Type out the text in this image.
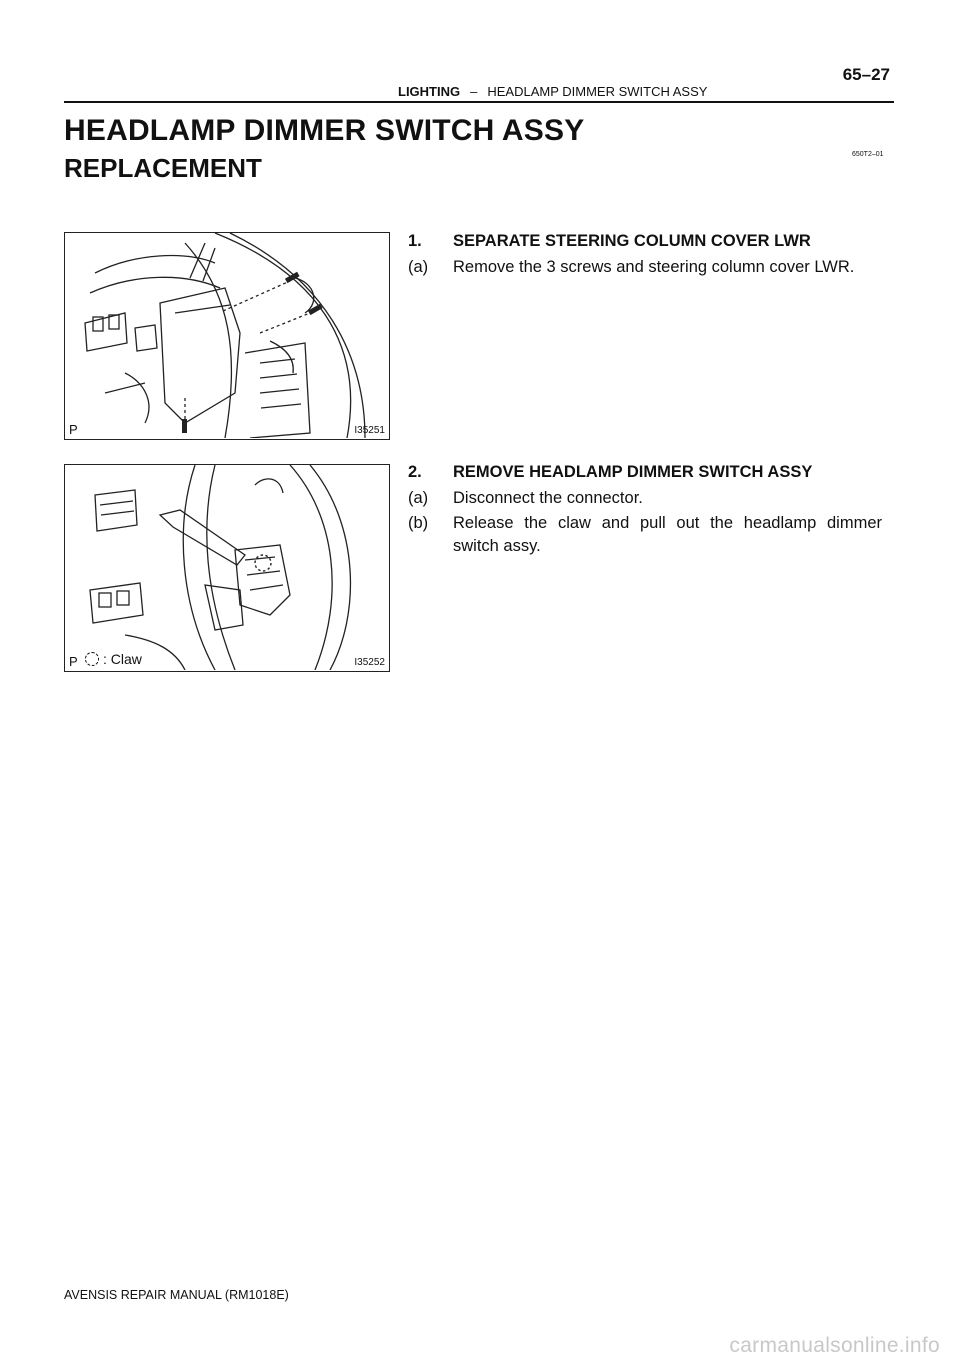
LIGHTING – HEADLAMP DIMMER SWITCH ASSY
65–27
HEADLAMP DIMMER SWITCH ASSY
REPLACEMENT	650T2–01
P	I35251
1. SEPARATE STEERING COLUMN COVER LWR
(a)	Remove the 3 screws and steering column cover LWR.
: Claw
P	I35252
2. REMOVE HEADLAMP DIMMER SWITCH ASSY
(a)	Disconnect the connector.
(b)	Release the claw and pull out the headlamp dimmer switch assy.
AVENSIS REPAIR MANUAL (RM1018E)
carmanualsonline.info
